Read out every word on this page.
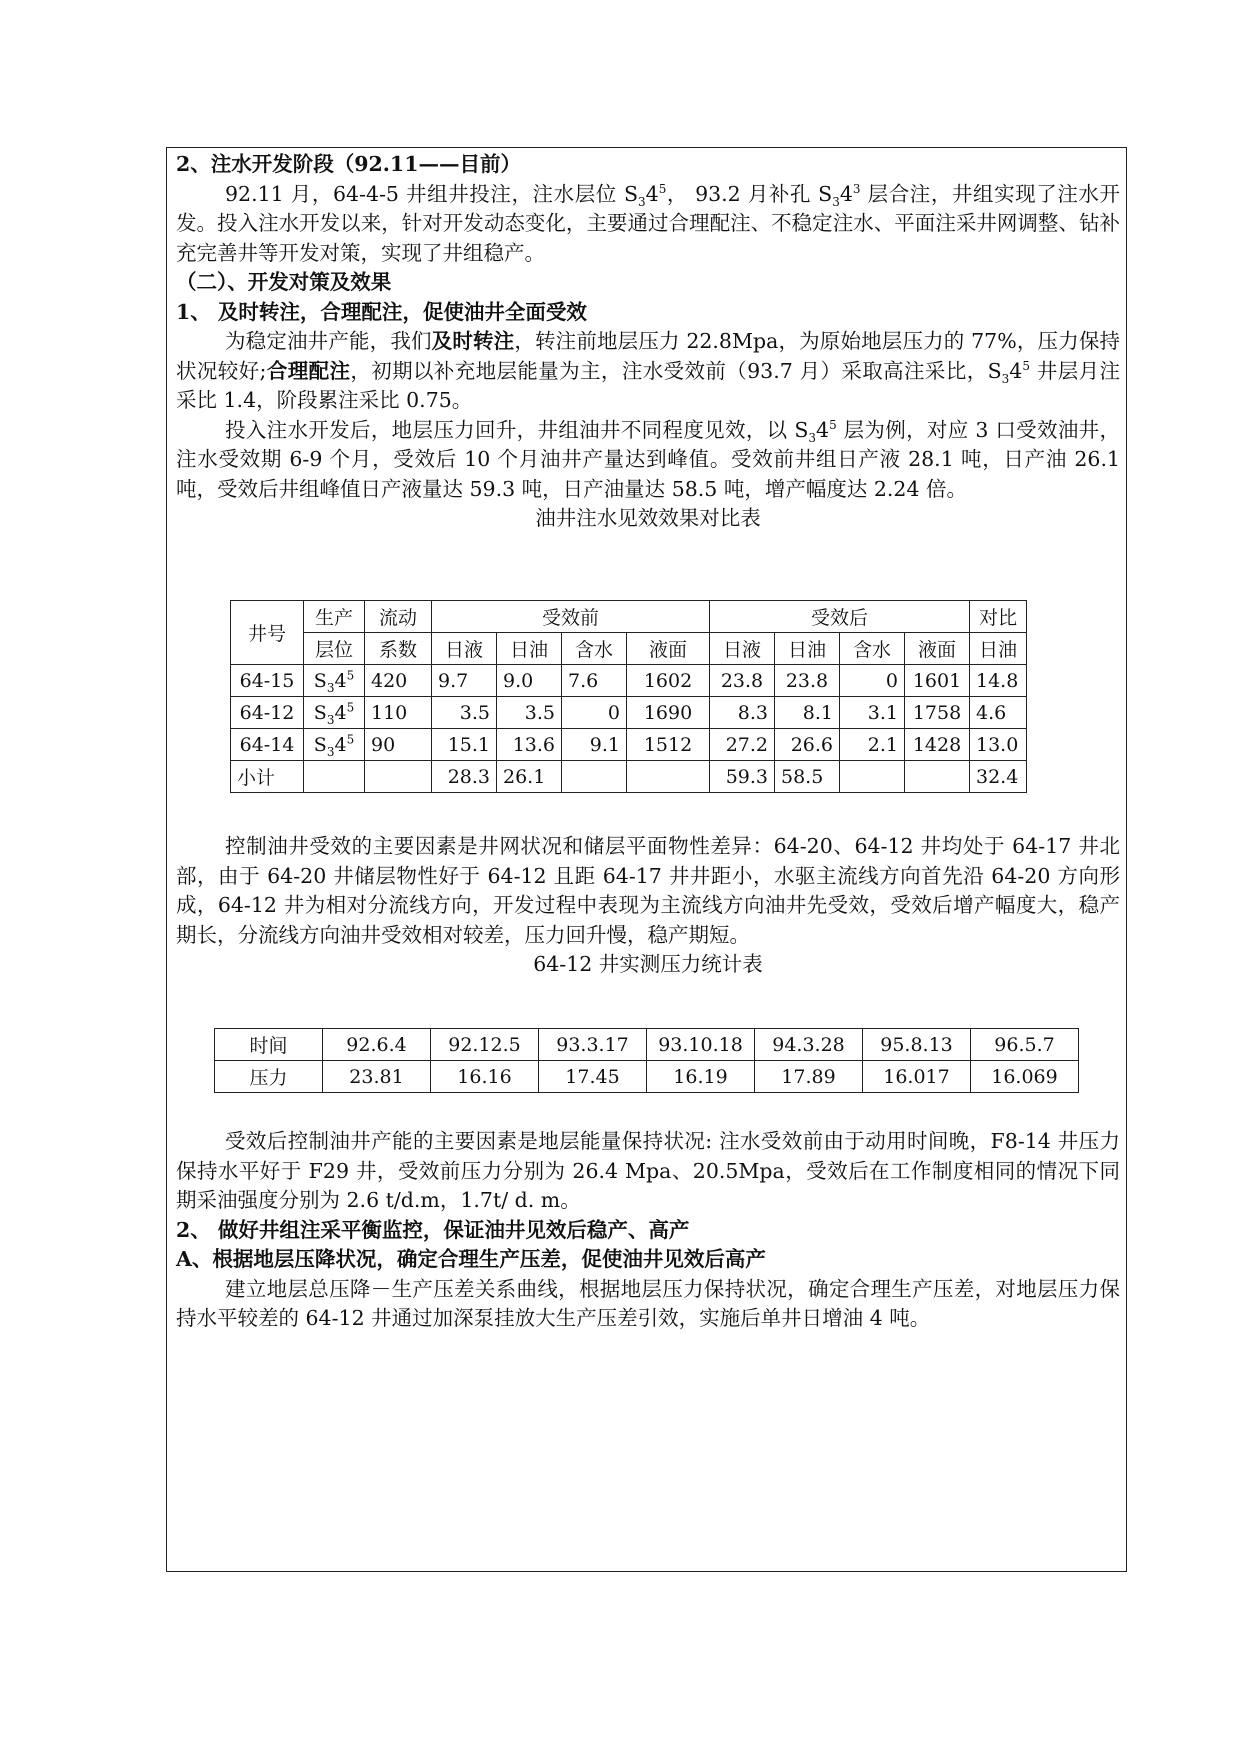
2、注水开发阶段（92.11——目前）

92.11 月，64-4-5 井组井投注，注水层位 $S_34^5$， 93.2 月补孔 $S_34^3$ 层合注，井组实现了注水开发。投入注水开发以来，针对开发动态变化，主要通过合理配注、不稳定注水、平面注采井网调整、钻补充完善井等开发对策，实现了井组稳产。

（二）、开发对策及效果

1、 及时转注，合理配注，促使油井全面受效

为稳定油井产能，我们及时转注，转注前地层压力 22.8Mpa，为原始地层压力的 77%，压力保持状况较好;合理配注，初期以补充地层能量为主，注水受效前（93.7 月）采取高注采比，$S_34^5$ 井层月注采比 1.4，阶段累注采比 0.75。

投入注水开发后，地层压力回升，井组油井不同程度见效，以 $S_34^5$ 层为例，对应 3 口受效油井，注水受效期 6-9 个月，受效后 10 个月油井产量达到峰值。受效前井组日产液 28.1 吨，日产油 26.1 吨，受效后井组峰值日产液量达 59.3 吨，日产油量达 58.5 吨，增产幅度达 2.24 倍。

油井注水见效效果对比表

井号	生产	流动	受效前				受效后				对比
	层位	系数	日液	日油	含水	液面	日液	日油	含水	液面	日油
64-15	$S_34^5$	420	9.7	9.0	7.6	1602	23.8	23.8	0	1601	14.8
64-12	$S_34^5$	110	3.5	3.5	0	1690	8.3	8.1	3.1	1758	4.6
64-14	$S_34^5$	90	15.1	13.6	9.1	1512	27.2	26.6	2.1	1428	13.0
小计			28.3	26.1			59.3	58.5			32.4

控制油井受效的主要因素是井网状况和储层平面物性差异：64-20、64-12 井均处于 64-17 井北部，由于 64-20 井储层物性好于 64-12 且距 64-17 井井距小，水驱主流线方向首先沿 64-20 方向形成，64-12 井为相对分流线方向，开发过程中表现为主流线方向油井先受效，受效后增产幅度大，稳产期长，分流线方向油井受效相对较差，压力回升慢，稳产期短。

64-12 井实测压力统计表

时间	92.6.4	92.12.5	93.3.17	93.10.18	94.3.28	95.8.13	96.5.7
压力	23.81	16.16	17.45	16.19	17.89	16.017	16.069

受效后控制油井产能的主要因素是地层能量保持状况: 注水受效前由于动用时间晚，F8-14 井压力保持水平好于 F29 井，受效前压力分别为 26.4 Mpa、20.5Mpa，受效后在工作制度相同的情况下同期采油强度分别为 2.6 t/d.m，1.7t/ d. m。

2、 做好井组注采平衡监控，保证油井见效后稳产、高产

A、根据地层压降状况，确定合理生产压差，促使油井见效后高产

建立地层总压降－生产压差关系曲线，根据地层压力保持状况，确定合理生产压差，对地层压力保持水平较差的 64-12 井通过加深泵挂放大生产压差引效，实施后单井日增油 4 吨。
